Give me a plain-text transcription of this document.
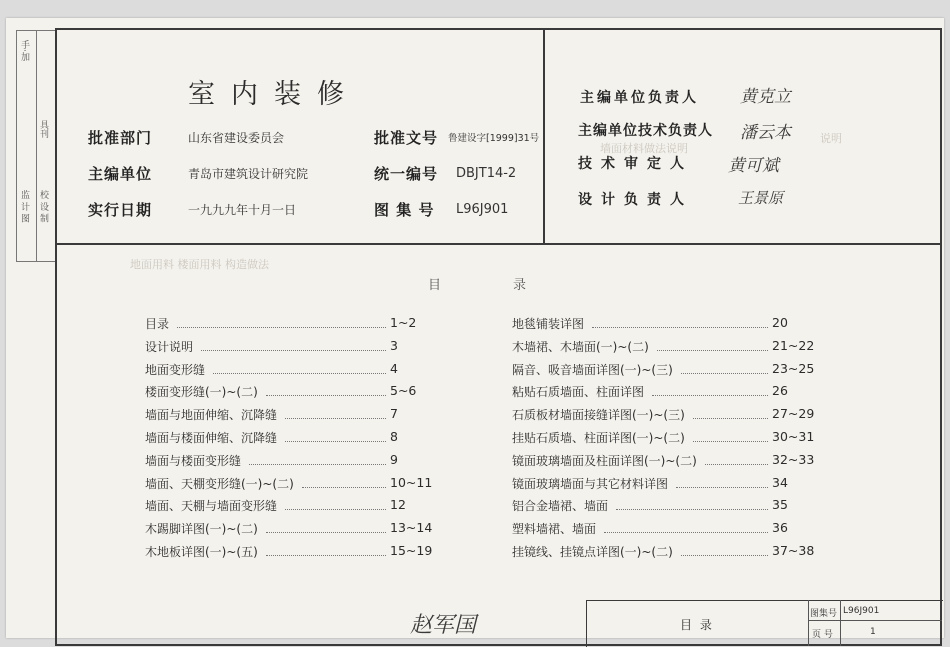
手·加
具刊
监 计 图 校 设 制
墙面材料做法说明
地面用料 楼面用料 构造做法
说明
室内装修
批准部门	山东省建设委员会
主编单位	青岛市建筑设计研究院
实行日期	一九九九年十月一日
批准文号 鲁建设字[1999]31号
统一编号 DBJT14-2
图 集 号 L96J901
主编单位负责人 黄克立
主编单位技术负责人 潘云本
技术审定人 黄可斌
设计负责人	王景原
目	录
目录	1~2
设计说明	3
地面变形缝	4
楼面变形缝(一)~(二)	5~6
墙面与地面伸缩、沉降缝	7
墙面与楼面伸缩、沉降缝	8
墙面与楼面变形缝	9
墙面、天棚变形缝(一)~(二)	10~11
墙面、天棚与墙面变形缝	12
木踢脚详图(一)~(二)	13~14
木地板详图(一)~(五)	15~19
地毯铺装详图	20
木墙裙、木墙面(一)~(二)	21~22
隔音、吸音墙面详图(一)~(三)	23~25
粘贴石质墙面、柱面详图	26
石质板材墙面接缝详图(一)~(三)	27~29
挂贴石质墙、柱面详图(一)~(二)	30~31
镜面玻璃墙面及柱面详图(一)~(二)	32~33
镜面玻璃墙面与其它材料详图	34
铝合金墙裙、墙面	35
塑料墙裙、墙面	36
挂镜线、挂镜点详图(一)~(二)	37~38
赵军国	目 录
图集号 L96J901
页 号	1
